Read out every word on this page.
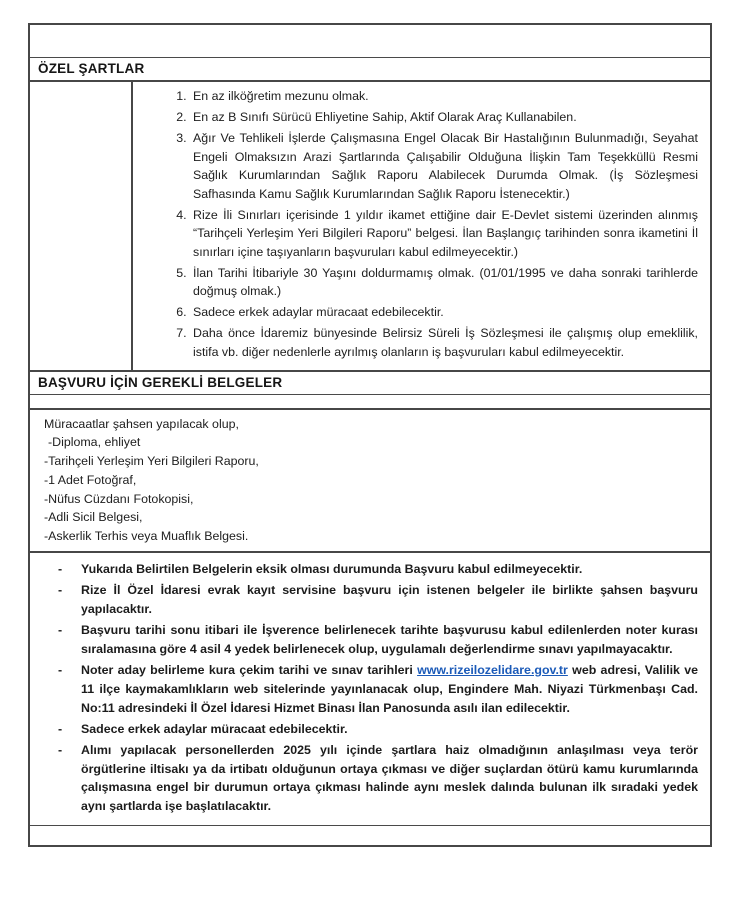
ÖZEL ŞARTLAR
1. En az ilköğretim mezunu olmak.
2. En az B Sınıfı Sürücü Ehliyetine Sahip, Aktif Olarak Araç Kullanabilen.
3. Ağır Ve Tehlikeli İşlerde Çalışmasına Engel Olacak Bir Hastalığının Bulunmadığı, Seyahat Engeli Olmaksızın Arazi Şartlarında Çalışabilir Olduğuna İlişkin Tam Teşekküllü Resmi Sağlık Kurumlarından Sağlık Raporu Alabilecek Durumda Olmak. (İş Sözleşmesi Safhasında Kamu Sağlık Kurumlarından Sağlık Raporu İstenecektir.)
4. Rize İli Sınırları içerisinde 1 yıldır ikamet ettiğine dair E-Devlet sistemi üzerinden alınmış “Tarihçeli Yerleşim Yeri Bilgileri Raporu” belgesi. İlan Başlangıç tarihinden sonra ikametini İl sınırları içine taşıyanların başvuruları kabul edilmeyecektir.)
5. İlan Tarihi İtibariyle 30 Yaşını doldurmamış olmak. (01/01/1995 ve daha sonraki tarihlerde doğmuş olmak.)
6. Sadece erkek adaylar müracaat edebilecektir.
7. Daha önce İdaremiz bünyesinde Belirsiz Süreli İş Sözleşmesi ile çalışmış olup emeklilik, istifa vb. diğer nedenlerle ayrılmış olanların iş başvuruları kabul edilmeyecektir.
BAŞVURU İÇİN GEREKLİ BELGELER
Müracaatlar şahsen yapılacak olup,
-Diploma, ehliyet
-Tarihçeli Yerleşim Yeri Bilgileri Raporu,
-1 Adet Fotoğraf,
-Nüfus Cüzdanı Fotokopisi,
-Adli Sicil Belgesi,
-Askerlik Terhis veya Muaflık Belgesi.
- Yukarıda Belirtilen Belgelerin eksik olması durumunda Başvuru kabul edilmeyecektir.
- Rize İl Özel İdaresi evrak kayıt servisine başvuru için istenen belgeler ile birlikte şahsen başvuru yapılacaktır.
- Başvuru tarihi sonu itibari ile İşverence belirlenecek tarihte başvurusu kabul edilenlerden noter kurası sıralamasına göre 4 asil 4 yedek belirlenecek olup, uygulamalı değerlendirme sınavı yapılmayacaktır.
- Noter aday belirleme kura çekim tarihi ve sınav tarihleri www.rizeilozelidare.gov.tr web adresi, Valilik ve 11 ilçe kaymakamlıkların web sitelerinde yayınlanacak olup, Engindere Mah. Niyazi Türkmenbaşı Cad. No:11 adresindeki İl Özel İdaresi Hizmet Binası İlan Panosunda asılı ilan edilecektir.
- Sadece erkek adaylar müracaat edebilecektir.
- Alımı yapılacak personellerden 2025 yılı içinde şartlara haiz olmadığının anlaşılması veya terör örgütlerine iltisakı ya da irtibatı olduğunun ortaya çıkması ve diğer suçlardan ötürü kamu kurumlarında çalışmasına engel bir durumun ortaya çıkması halinde aynı meslek dalında bulunan ilk sıradaki yedek aynı şartlarda işe başlatılacaktır.
